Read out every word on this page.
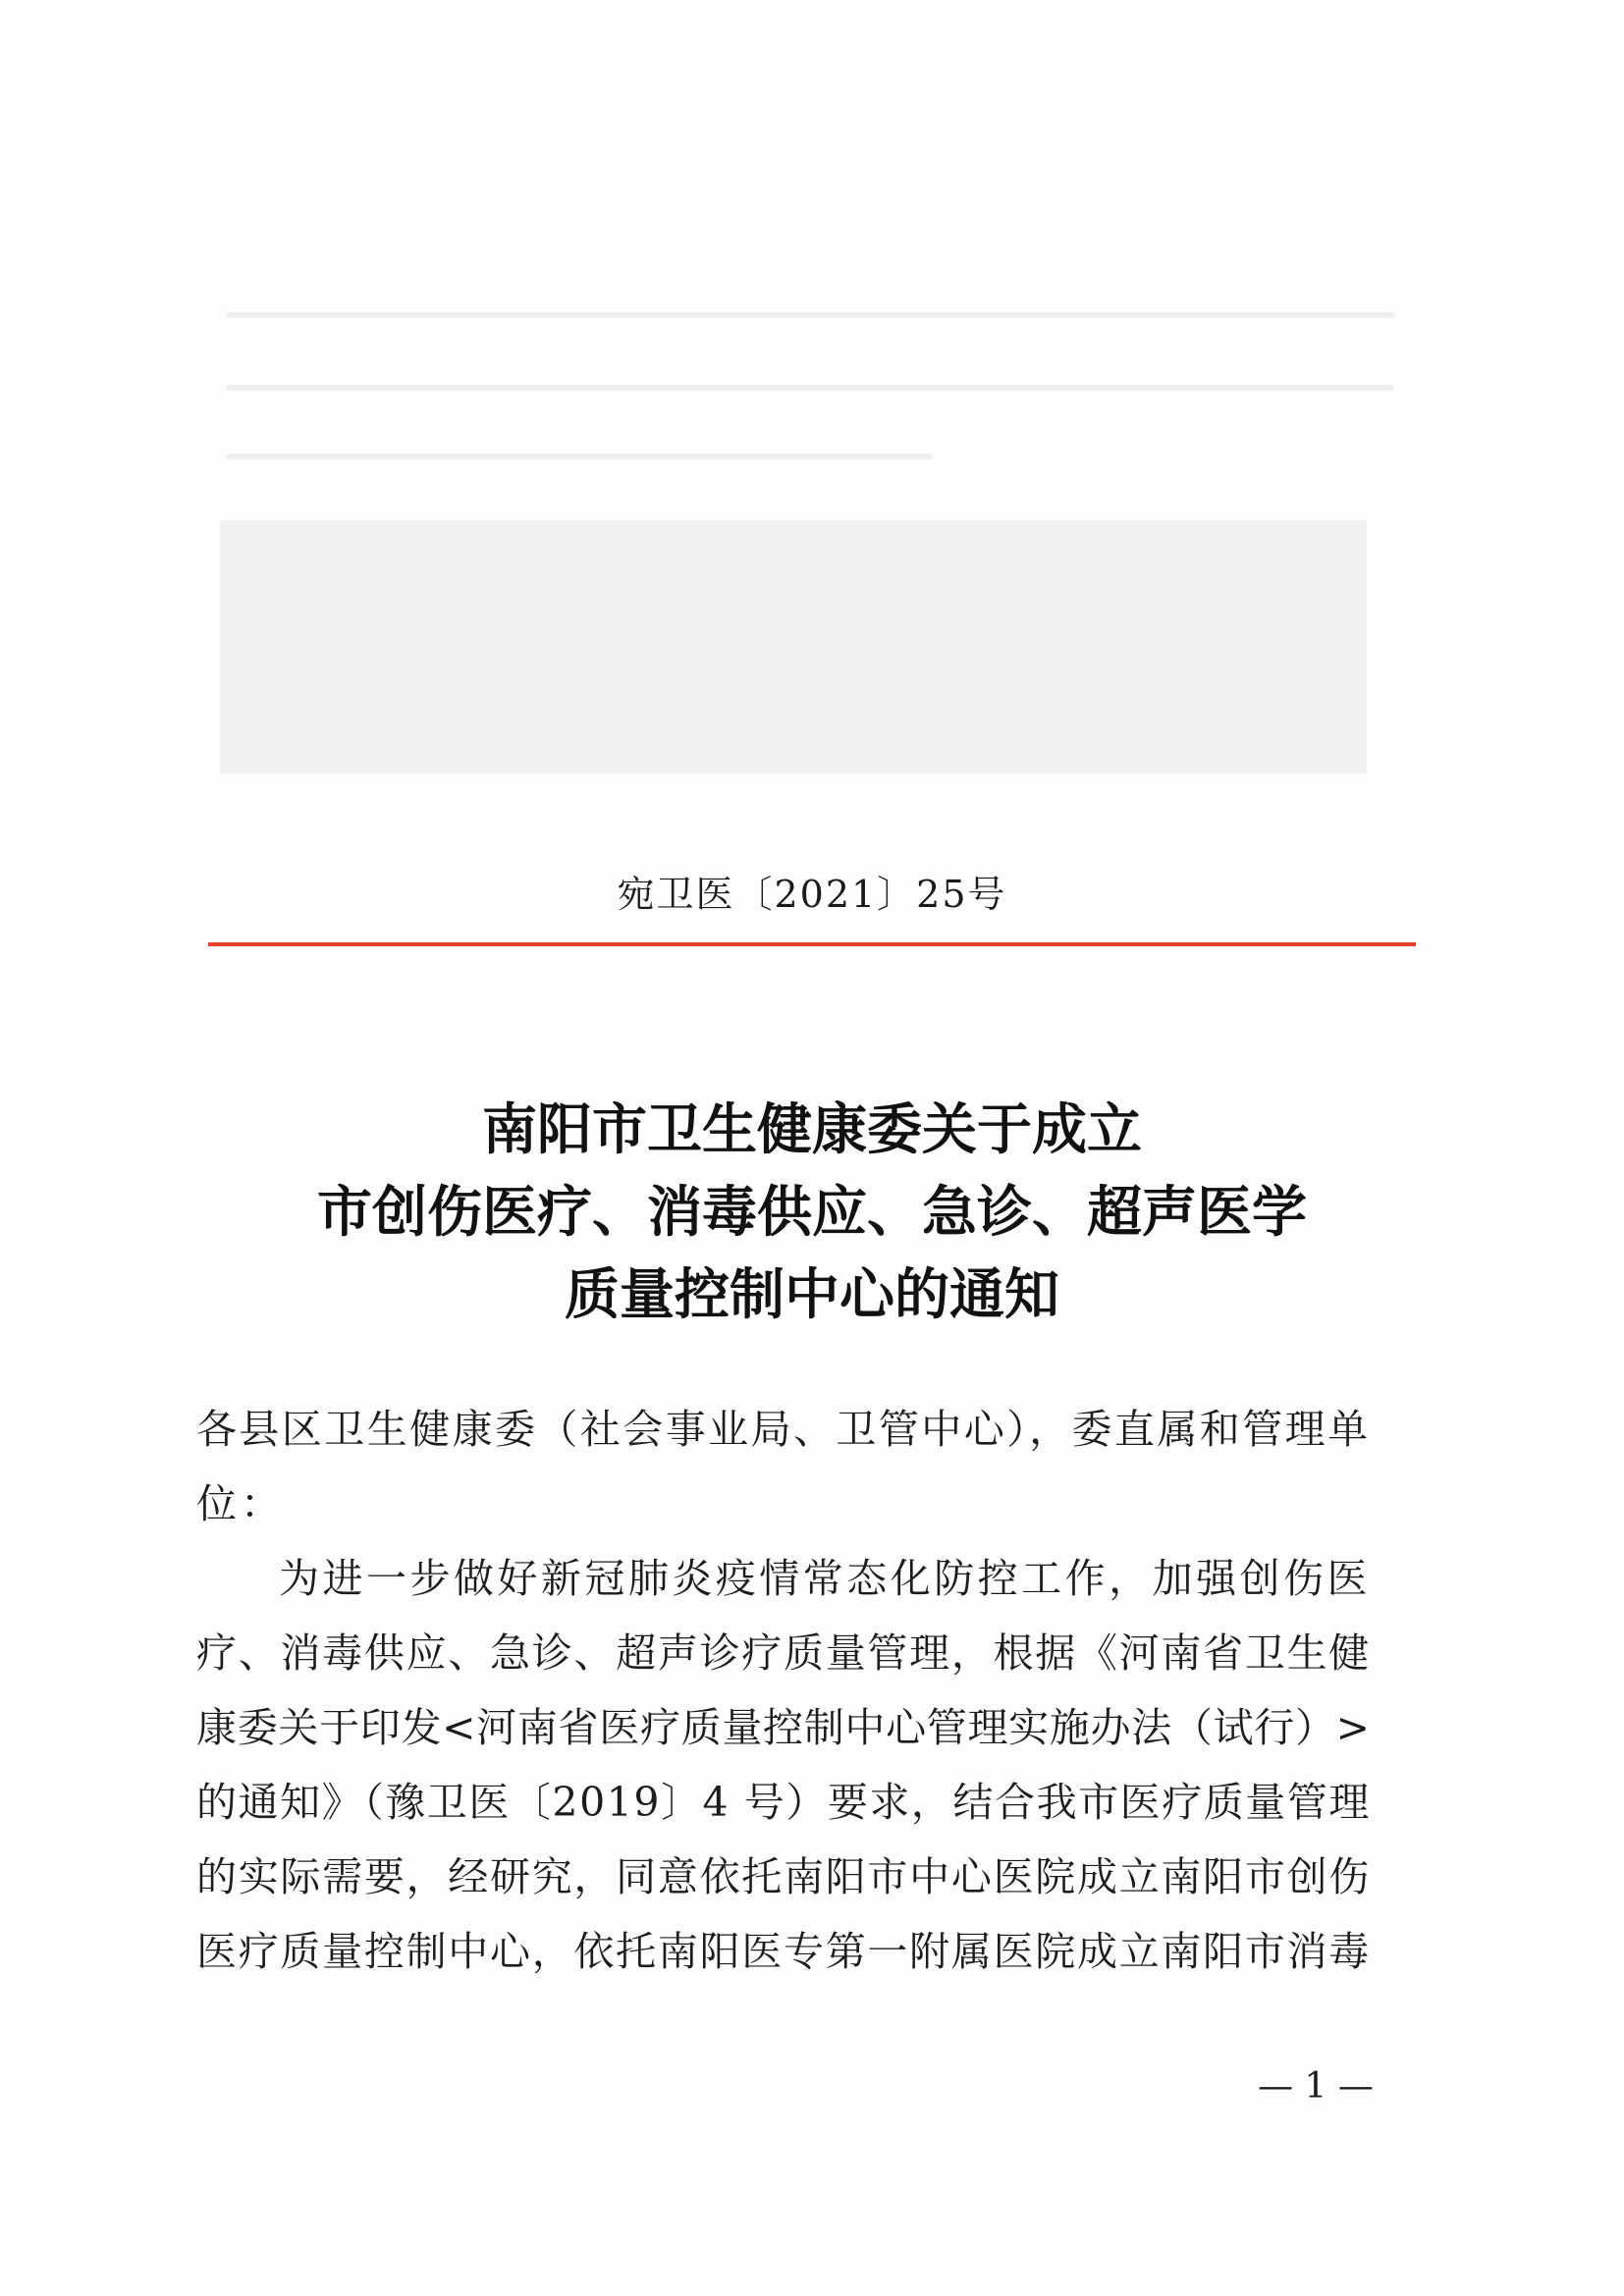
宛卫医〔2021〕25号
南阳市卫生健康委关于成立
市创伤医疗、消毒供应、急诊、超声医学
质量控制中心的通知
各县区卫生健康委（社会事业局、卫管中心），委直属和管理单
位：
为进一步做好新冠肺炎疫情常态化防控工作，加强创伤医
疗、消毒供应、急诊、超声诊疗质量管理，根据《河南省卫生健
康委关于印发<河南省医疗质量控制中心管理实施办法（试行）>
的通知》（豫卫医〔2019〕4 号）要求，结合我市医疗质量管理
的实际需要，经研究，同意依托南阳市中心医院成立南阳市创伤
医疗质量控制中心，依托南阳医专第一附属医院成立南阳市消毒
— 1 —
